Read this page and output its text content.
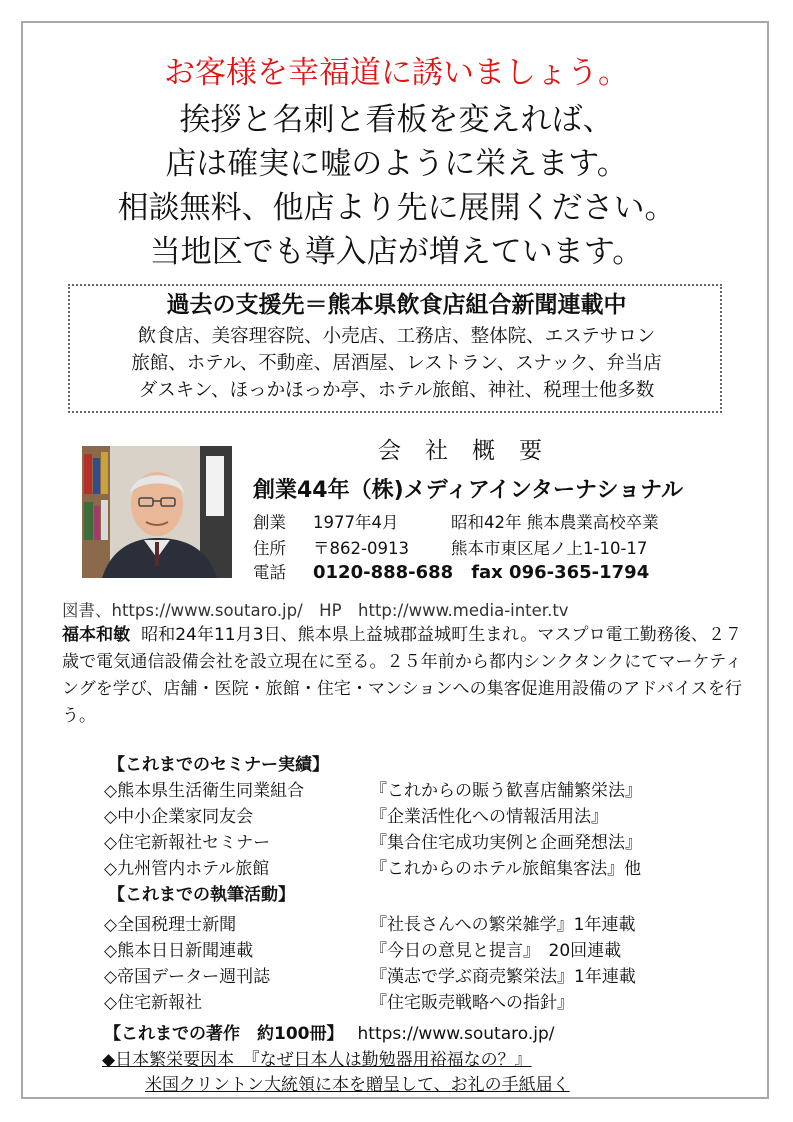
お客様を幸福道に誘いましょう。
挨拶と名刺と看板を変えれば、
店は確実に嘘のように栄えます。
相談無料、他店より先に展開ください。
当地区でも導入店が増えています。
過去の支援先＝熊本県飲食店組合新聞連載中
飲食店、美容理容院、小売店、工務店、整体院、エステサロン
旅館、ホテル、不動産、居酒屋、レストラン、スナック、弁当店
ダスキン、ほっかほっか亭、ホテル旅館、神社、税理士他多数
会社概要
創業44年（株)メディアインターナショナル
創業 1977年4月	昭和42年 熊本農業高校卒業
住所 〒862-0913	熊本市東区尾ノ上1-10-17
電話 0120-888-688 fax 096-365-1794
図書、https://www.soutaro.jp/　HP　http://www.media-inter.tv
福本和敏 昭和24年11月3日、熊本県上益城郡益城町生まれ。マスプロ電工勤務後、２７歳で電気通信設備会社を設立現在に至る。２５年前から都内シンクタンクにてマーケティングを学び、店舗・医院・旅館・住宅・マンションへの集客促進用設備のアドバイスを行う。
【これまでのセミナー実績】
◇熊本県生活衛生同業組合	『これからの賑う歓喜店舗繁栄法』
◇中小企業家同友会	『企業活性化への情報活用法』
◇住宅新報社セミナー	『集合住宅成功実例と企画発想法』
◇九州管内ホテル旅館	『これからのホテル旅館集客法』他
【これまでの執筆活動】
◇全国税理士新聞	『社長さんへの繁栄雑学』1年連載
◇熊本日日新聞連載	『今日の意見と提言』　20回連載
◇帝国データー週刊誌	『漢志で学ぶ商売繁栄法』1年連載
◇住宅新報社	『住宅販売戦略への指針』
【これまでの著作　約100冊】 https://www.soutaro.jp/
◆日本繁栄要因本　『なぜ日本人は勤勉器用裕福なの？』
米国クリントン大統領に本を贈呈して、お礼の手紙届く
